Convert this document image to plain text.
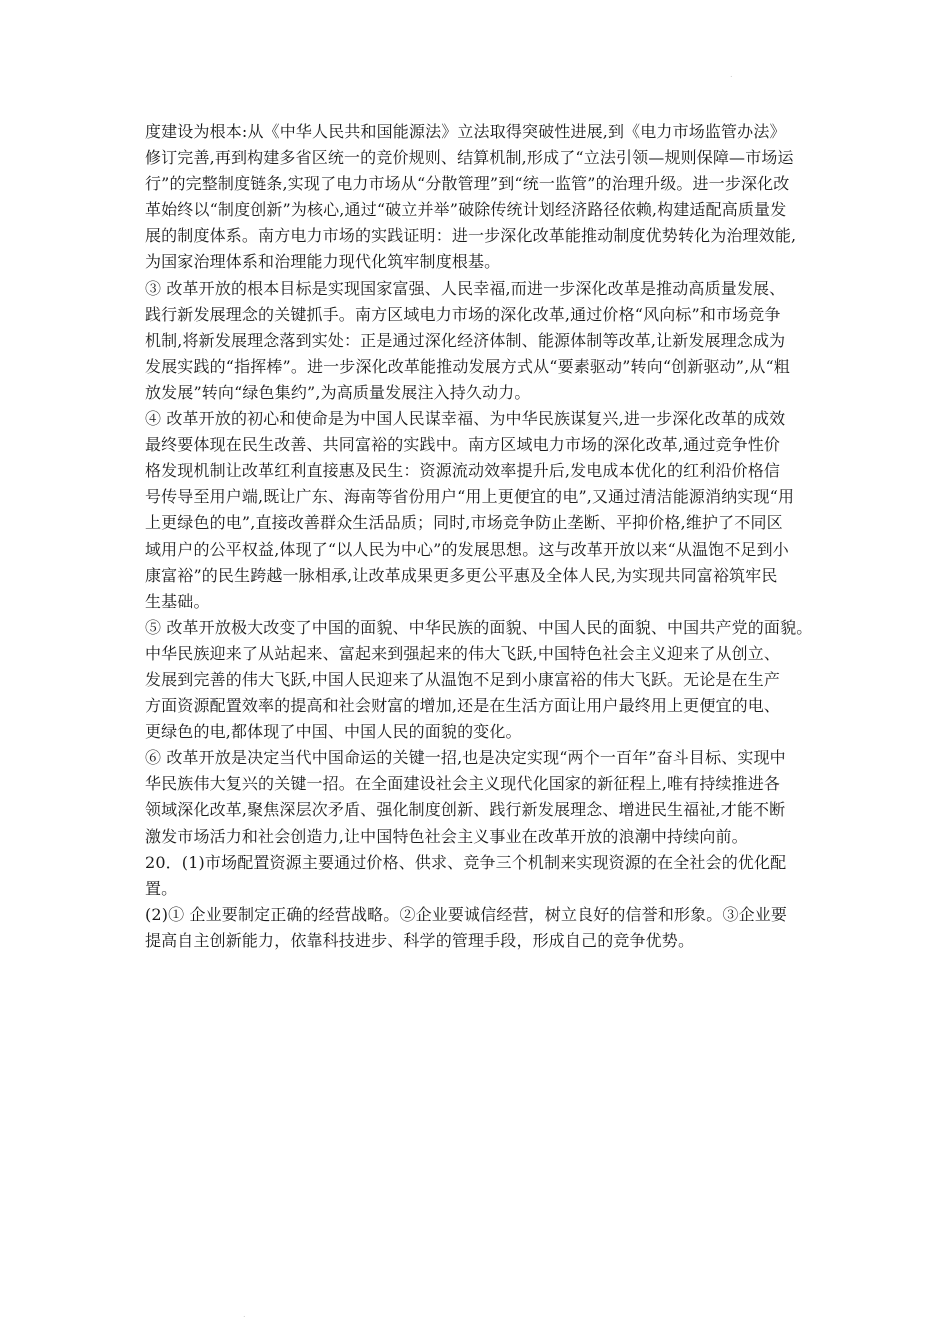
.
度建设为根本:从《中华人民共和国能源法》立法取得突破性进展,到《电力市场监管办法》
修订完善,再到构建多省区统一的竞价规则、结算机制,形成了“立法引领—规则保障—市场运
行”的完整制度链条,实现了电力市场从“分散管理”到“统一监管”的治理升级。进一步深化改
革始终以“制度创新”为核心,通过“破立并举”破除传统计划经济路径依赖,构建适配高质量发
展的制度体系。南方电力市场的实践证明：进一步深化改革能推动制度优势转化为治理效能,
为国家治理体系和治理能力现代化筑牢制度根基。
③ 改革开放的根本目标是实现国家富强、人民幸福,而进一步深化改革是推动高质量发展、
践行新发展理念的关键抓手。南方区域电力市场的深化改革,通过价格“风向标”和市场竞争
机制,将新发展理念落到实处：正是通过深化经济体制、能源体制等改革,让新发展理念成为
发展实践的“指挥棒”。进一步深化改革能推动发展方式从“要素驱动”转向“创新驱动”,从“粗
放发展”转向“绿色集约”,为高质量发展注入持久动力。
④ 改革开放的初心和使命是为中国人民谋幸福、为中华民族谋复兴,进一步深化改革的成效
最终要体现在民生改善、共同富裕的实践中。南方区域电力市场的深化改革,通过竞争性价
格发现机制让改革红利直接惠及民生：资源流动效率提升后,发电成本优化的红利沿价格信
号传导至用户端,既让广东、海南等省份用户“用上更便宜的电”,又通过清洁能源消纳实现“用
上更绿色的电”,直接改善群众生活品质；同时,市场竞争防止垄断、平抑价格,维护了不同区
域用户的公平权益,体现了“以人民为中心”的发展思想。这与改革开放以来“从温饱不足到小
康富裕”的民生跨越一脉相承,让改革成果更多更公平惠及全体人民,为实现共同富裕筑牢民
生基础。
⑤ 改革开放极大改变了中国的面貌、中华民族的面貌、中国人民的面貌、中国共产党的面貌。
中华民族迎来了从站起来、富起来到强起来的伟大飞跃,中国特色社会主义迎来了从创立、
发展到完善的伟大飞跃,中国人民迎来了从温饱不足到小康富裕的伟大飞跃。无论是在生产
方面资源配置效率的提高和社会财富的增加,还是在生活方面让用户最终用上更便宜的电、
更绿色的电,都体现了中国、中国人民的面貌的变化。
⑥ 改革开放是决定当代中国命运的关键一招,也是决定实现“两个一百年”奋斗目标、实现中
华民族伟大复兴的关键一招。在全面建设社会主义现代化国家的新征程上,唯有持续推进各
领域深化改革,聚焦深层次矛盾、强化制度创新、践行新发展理念、增进民生福祉,才能不断
激发市场活力和社会创造力,让中国特色社会主义事业在改革开放的浪潮中持续向前。
20．(1)市场配置资源主要通过价格、供求、竞争三个机制来实现资源的在全社会的优化配
置。
(2)① 企业要制定正确的经营战略。②企业要诚信经营，树立良好的信誉和形象。③企业要
提高自主创新能力，依靠科技进步、科学的管理手段，形成自己的竞争优势。
.
